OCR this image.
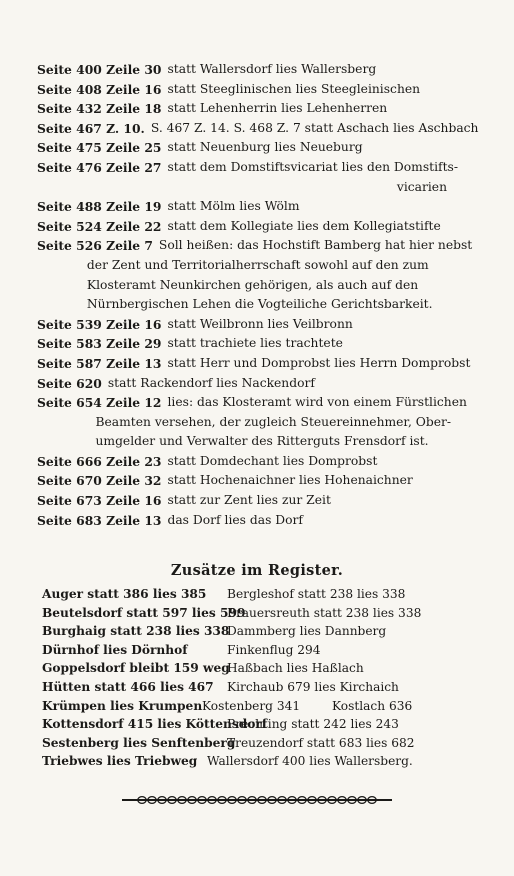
Seite 400 Zeile 30 statt Wallersdorf lies Wallersberg
Seite 408 Zeile 16 statt Steeglinischen lies Steegleinischen
Seite 432 Zeile 18 statt Lehenherrin lies Lehenherren
Seite 467 Z. 10. S. 467 Z. 14. S. 468 Z. 7 statt Aschach lies Aschbach
Seite 475 Zeile 25 statt Neuenburg lies Neueburg
Seite 476 Zeile 27 statt dem Domstiftsvicariat lies den Domstifts-
vicarien
Seite 488 Zeile 19 statt Mölm lies Wölm
Seite 524 Zeile 22 statt dem Kollegiate lies dem Kollegiatstifte
Seite 526 Zeile 7 Soll heißen: das Hochstift Bamberg hat hier nebst
der Zent und Territorialherrschaft sowohl auf den zum
Klosteramt Neunkirchen gehörigen, als auch auf den
Nürnbergischen Lehen die Vogteiliche Gerichtsbarkeit.
Seite 539 Zeile 16 statt Weilbronn lies Veilbronn
Seite 583 Zeile 29 statt trachiete lies trachtete
Seite 587 Zeile 13 statt Herr und Domprobst lies Herrn Domprobst
Seite 620 statt Rackendorf lies Nackendorf
Seite 654 Zeile 12 lies: das Klosteramt wird von einem Fürstlichen
Beamten versehen, der zugleich Steuereinnehmer, Ober-
umgelder und Verwalter des Ritterguts Frensdorf ist.
Seite 666 Zeile 23 statt Domdechant lies Domprobst
Seite 670 Zeile 32 statt Hochenaichner lies Hohenaichner
Seite 673 Zeile 16 statt zur Zent lies zur Zeit
Seite 683 Zeile 13 das Dorf lies das Dorf
Zusätze im Register.
Auger statt 386 lies 385 Bergleshof statt 238 lies 338
Beutelsdorf statt 597 lies 599
Brauersreuth statt 238 lies 338
Burghaig statt 238 lies 338
Dammberg lies Dannberg
Dürnhof lies Dörnhof	Finkenflug 294
Goppelsdorf bleibt 159 weg
Haßbach lies Haßlach
Hütten statt 466 lies 467 Kirchaub 679 lies Kirchaich
Krümpen lies Krumpen Kostenberg 341	Kostlach 636
Kottensdorf 415 lies Köttensdorf
Prechting statt 242 lies 243
Sestenberg lies Senftenberg
Treuzendorf statt 683 lies 682
Triebwes lies Triebweg Wallersdorf 400 lies Wallersberg.
